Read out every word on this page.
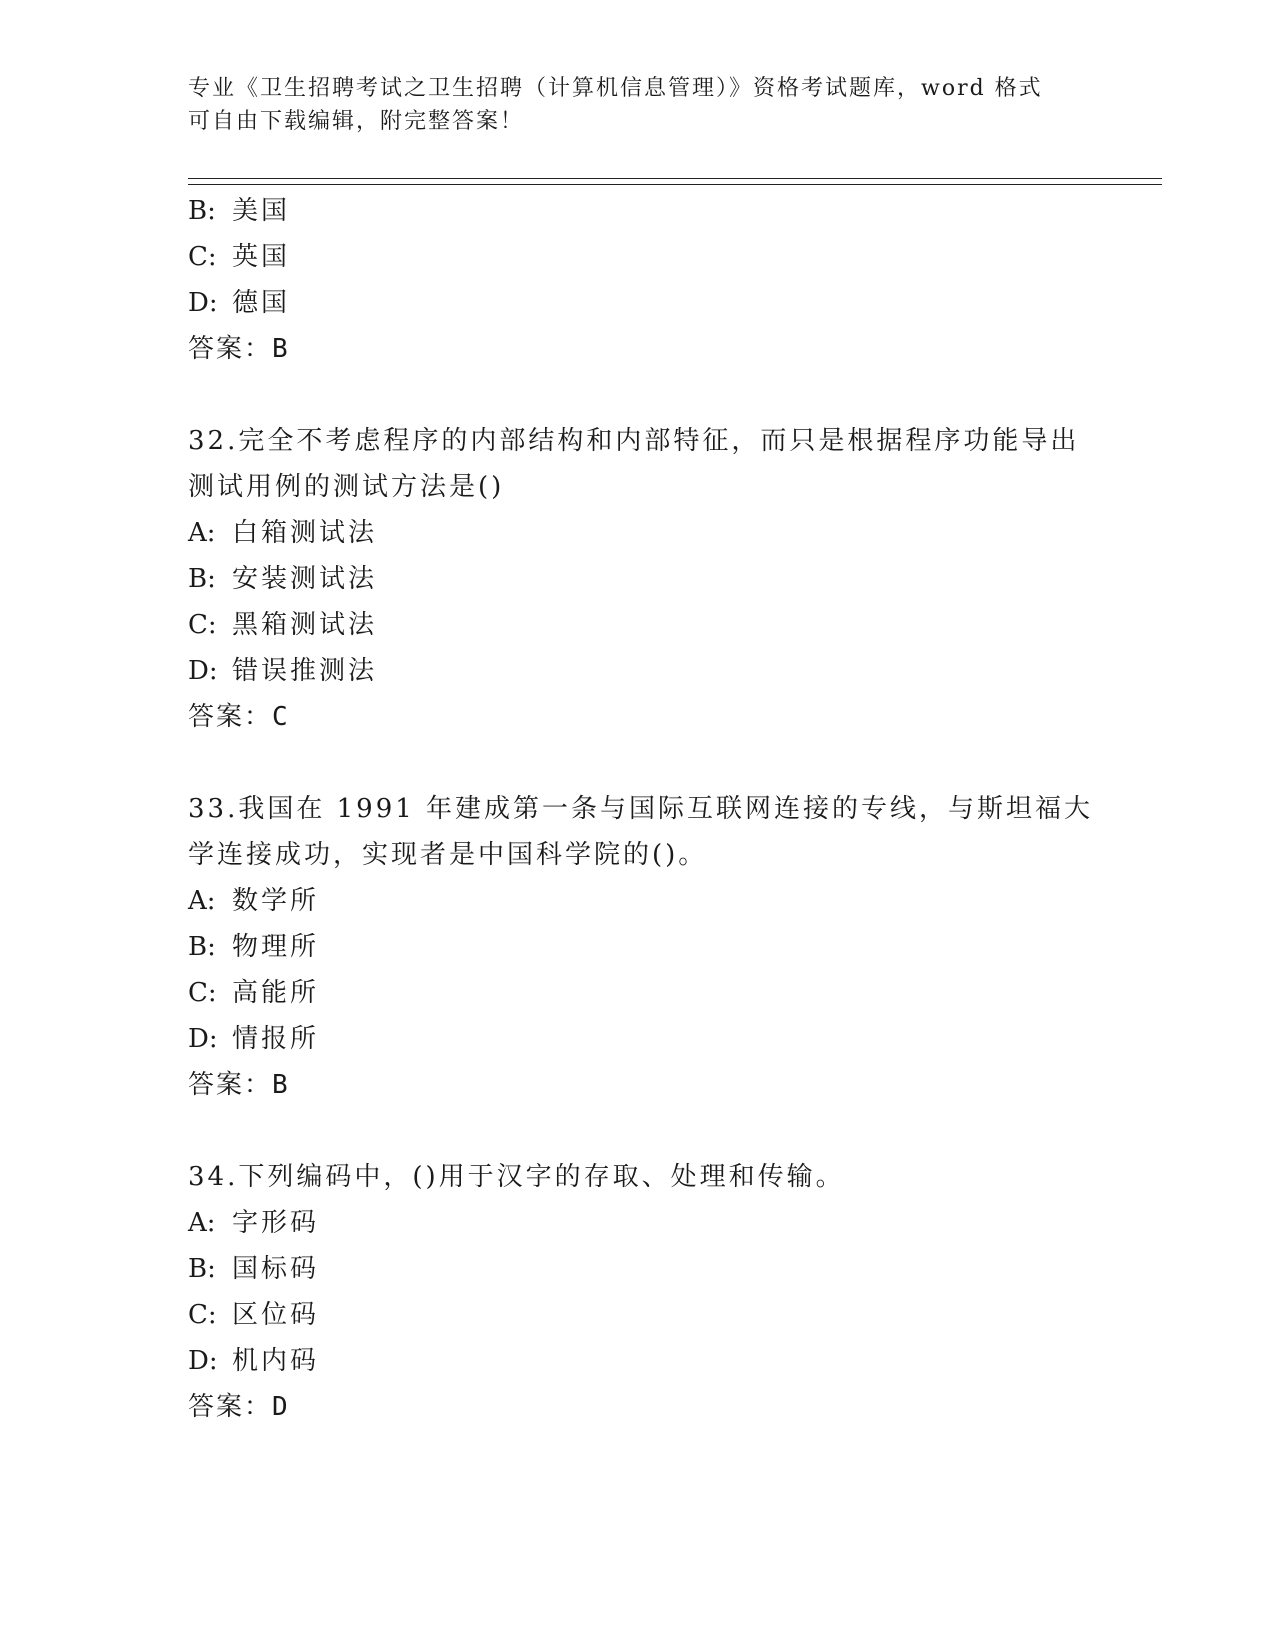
专业《卫生招聘考试之卫生招聘（计算机信息管理）》资格考试题库，word 格式
可自由下载编辑，附完整答案！
B: 美国
C: 英国
D: 德国
答案：B
32.完全不考虑程序的内部结构和内部特征，而只是根据程序功能导出
测试用例的测试方法是()
A: 白箱测试法
B: 安装测试法
C: 黑箱测试法
D: 错误推测法
答案：C
33.我国在 1991 年建成第一条与国际互联网连接的专线，与斯坦福大
学连接成功，实现者是中国科学院的()。
A: 数学所
B: 物理所
C: 高能所
D: 情报所
答案：B
34.下列编码中，()用于汉字的存取、处理和传输。
A: 字形码
B: 国标码
C: 区位码
D: 机内码
答案：D
